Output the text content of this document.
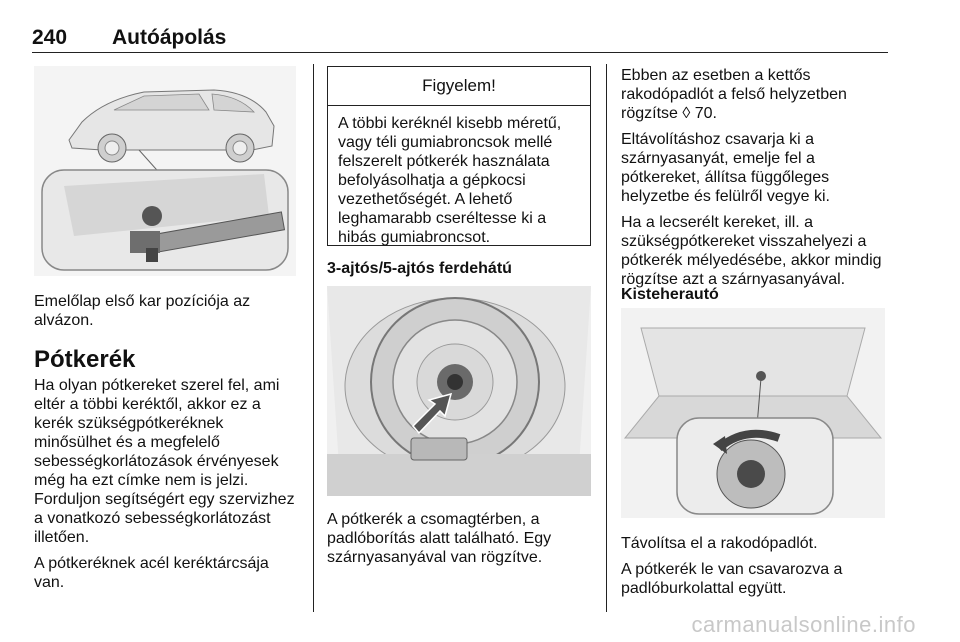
240 Autóápolás
Emelőlap első kar pozíciója az alvázon.
Pótkerék

Ha olyan pótkereket szerel fel, ami eltér a többi keréktől, akkor ez a kerék szükségpótkeréknek minősülhet és a megfelelő sebességkorlátozások érvényesek még ha ezt címke nem is jelzi. Forduljon segítségért egy szervizhez a vonatkozó sebességkorlátozást illetően.

A pótkeréknek acél keréktárcsája van.

Figyelem!
A többi keréknél kisebb méretű, vagy téli gumiabroncsok mellé felszerelt pótkerék használata befolyásolhatja a gépkocsi vezethetőségét. A lehető leghamarabb cseréltesse ki a hibás gumiabroncsot.
3-ajtós/5-ajtós ferdehátú
A pótkerék a csomagtérben, a padlóborítás alatt található. Egy szárnyasanyával van rögzítve.

Ebben az esetben a kettős rakodópadlót a felső helyzetben rögzítse ◊ 70.

Eltávolításhoz csavarja ki a szárnyasanyát, emelje fel a pótkereket, állítsa függőleges helyzetbe és felülről vegye ki.

Ha a lecserélt kereket, ill. a szükségpótkereket visszahelyezi a pótkerék mélyedésébe, akkor mindig rögzítse azt a szárnyasanyával.

Kisteherautó

Távolítsa el a rakodópadlót.

A pótkerék le van csavarozva a padlóburkolattal együtt.

carmanualsonline.info
